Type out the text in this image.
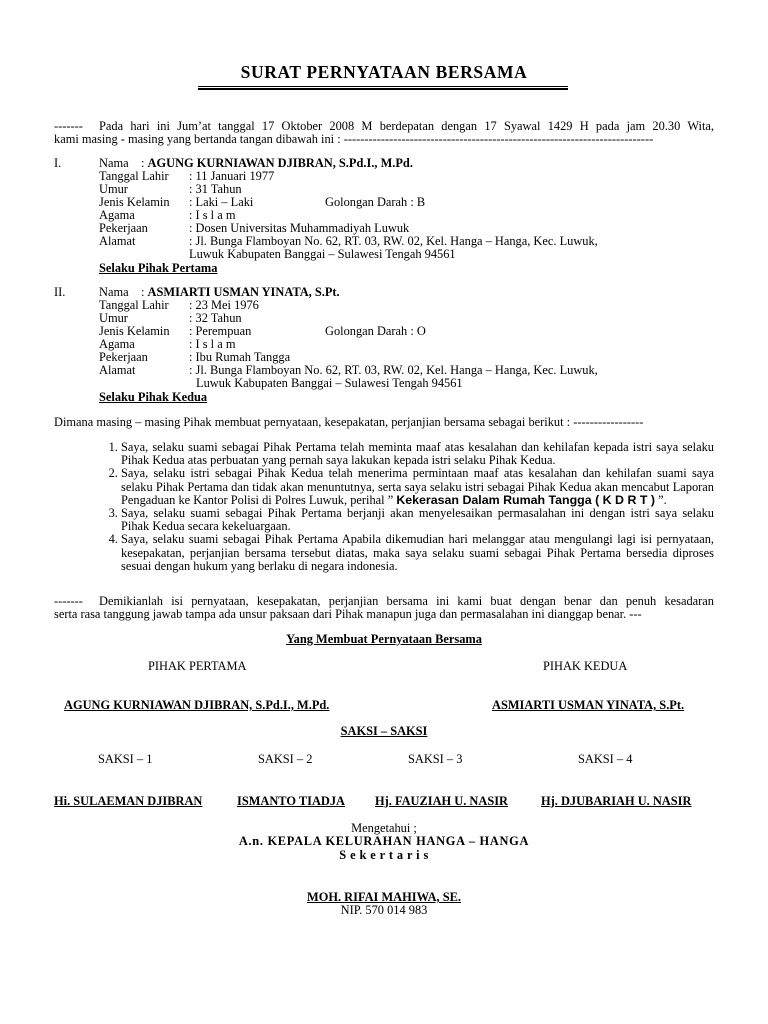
SURAT PERNYATAAN BERSAMA
-------	Pada hari ini Jum’at tanggal 17 Oktober 2008 M berdepatan dengan 17 Syawal 1429 H pada jam 20.30 Wita,
kami masing - masing yang bertanda tangan dibawah ini : ---------------------------------------------------------------------------
I.	Nama    : AGUNG KURNIAWAN DJIBRAN, S.Pd.I., M.Pd.
Tanggal Lahir : 11 Januari 1977
Umur	: 31 Tahun
Jenis Kelamin : Laki – Laki	Golongan Darah : B
Agama	: I s l a m
Pekerjaan	: Dosen Universitas Muhammadiyah Luwuk
Alamat	: Jl. Bunga Flamboyan No. 62, RT. 03, RW. 02, Kel. Hanga – Hanga, Kec. Luwuk,
Luwuk Kabupaten Banggai – Sulawesi Tengah 94561
Selaku Pihak Pertama
II.	Nama    : ASMIARTI USMAN YINATA, S.Pt.
Tanggal Lahir : 23 Mei 1976
Umur	: 32 Tahun
Jenis Kelamin : Perempuan	Golongan Darah : O
Agama	: I s l a m
Pekerjaan	: Ibu Rumah Tangga
Alamat	: Jl. Bunga Flamboyan No. 62, RT. 03, RW. 02, Kel. Hanga – Hanga, Kec. Luwuk,
Luwuk Kabupaten Banggai – Sulawesi Tengah 94561
Selaku Pihak Kedua
Dimana masing – masing Pihak membuat pernyataan, kesepakatan, perjanjian bersama sebagai berikut : -----------------
1. Saya, selaku suami sebagai Pihak Pertama telah meminta maaf atas kesalahan dan kehilafan kepada istri saya selaku Pihak Kedua atas perbuatan yang pernah saya lakukan kepada istri selaku Pihak Kedua.
2. Saya, selaku istri sebagai Pihak Kedua telah menerima permintaan maaf atas kesalahan dan kehilafan suami saya selaku Pihak Pertama dan tidak akan menuntutnya, serta saya selaku istri sebagai Pihak Kedua akan mencabut Laporan Pengaduan ke Kantor Polisi di Polres Luwuk, perihal ” Kekerasan Dalam Rumah Tangga ( K D R T ) ”.
3. Saya, selaku suami sebagai Pihak Pertama berjanji akan menyelesaikan permasalahan ini dengan istri saya selaku Pihak Kedua secara kekeluargaan.
4. Saya, selaku suami sebagai Pihak Pertama Apabila dikemudian hari melanggar atau mengulangi lagi isi pernyataan, kesepakatan, perjanjian bersama tersebut diatas, maka saya selaku suami sebagai Pihak Pertama bersedia diproses sesuai dengan hukum yang berlaku di negara indonesia.
-------	Demikianlah isi pernyataan, kesepakatan, perjanjian bersama ini kami buat dengan benar dan penuh kesadaran
serta rasa tanggung jawab tampa ada unsur paksaan dari Pihak manapun juga dan permasalahan ini dianggap benar. ---
Yang Membuat Pernyataan Bersama
PIHAK PERTAMA	PIHAK KEDUA
AGUNG KURNIAWAN DJIBRAN, S.Pd.I., M.Pd.	ASMIARTI USMAN YINATA, S.Pt.
SAKSI – SAKSI
SAKSI – 1	SAKSI – 2	SAKSI – 3	SAKSI – 4
Hi. SULAEMAN DJIBRAN	ISMANTO TIADJA Hj. FAUZIAH U. NASIR	Hj. DJUBARIAH U. NASIR
Mengetahui ;
A.n. KEPALA KELURAHAN HANGA – HANGA
S e k e r t a r i s
MOH. RIFAI MAHIWA, SE.
NIP. 570 014 983
